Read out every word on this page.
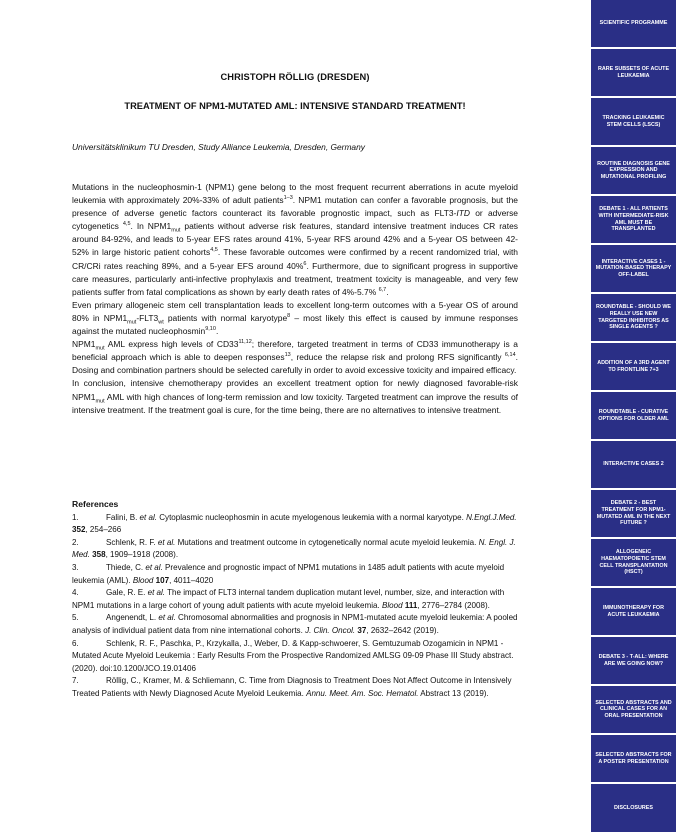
CHRISTOPH RÖLLIG (DRESDEN)
TREATMENT OF NPM1-MUTATED AML: INTENSIVE STANDARD TREATMENT!
Universitätsklinikum TU Dresden, Study Alliance Leukemia, Dresden, Germany

Mutations in the nucleophosmin-1 (NPM1) gene belong to the most frequent recurrent aberrations in acute myeloid leukemia with approximately 20%-33% of adult patients$^{1-3}$. NPM1 mutation can confer a favorable prognosis, but the presence of adverse genetic factors counteract its favorable prognostic impact, such as FLT3-ITD or adverse cytogenetics $^{4,5}$. In $NPM1_{mut}$ patients without adverse risk features, standard intensive treatment induces CR rates around 84-92%, and leads to 5-year EFS rates around 41%, 5-year RFS around 42% and a 5-year OS between 42-52% in large historic patient cohorts$^{4,5}$. These favorable outcomes were confirmed by a recent randomized trial, with CR/CRi rates reaching 89%, and a 5-year EFS around 40%$^6$. Furthermore, due to significant progress in supportive care measures, particularly anti-infective prophylaxis and treatment, treatment toxicity is manageable, and very few patients suffer from fatal complications as shown by early death rates of 4%-5.7% $^{6,7}$.

Even primary allogeneic stem cell transplantation leads to excellent long-term outcomes with a 5-year OS of around 80% in $NPM1_{mut}-FLT3_{wt}$ patients with normal karyotype$^8$ – most likely this effect is caused by immune responses against the mutated nucleophosmin$^{9,10}$.

$NPM1_{mut}$ AML express high levels of CD33$^{11,12}$; therefore, targeted treatment in terms of CD33 immunotherapy is a beneficial approach which is able to deepen responses$^{13}$, reduce the relapse risk and prolong RFS significantly $^{6,14}$. Dosing and combination partners should be selected carefully in order to avoid excessive toxicity and impaired efficacy.

In conclusion, intensive chemotherapy provides an excellent treatment option for newly diagnosed favorable-risk $NPM1_{mut}$ AML with high chances of long-term remission and low toxicity. Targeted treatment can improve the results of intensive treatment. If the treatment goal is cure, for the time being, there are no alternatives to intensive treatment.

References

1.	Falini, B. et al. Cytoplasmic nucleophosmin in acute myelogenous leukemia with a normal karyotype. N.Engl.J.Med. 352, 254–266

2.	Schlenk, R. F. et al. Mutations and treatment outcome in cytogenetically normal acute myeloid leukemia. N. Engl. J. Med. 358, 1909–1918 (2008).

3.	Thiede, C. et al. Prevalence and prognostic impact of NPM1 mutations in 1485 adult patients with acute myeloid leukemia (AML). Blood 107, 4011–4020

4.	Gale, R. E. et al. The impact of FLT3 internal tandem duplication mutant level, number, size, and interaction with NPM1 mutations in a large cohort of young adult patients with acute myeloid leukemia. Blood 111, 2776–2784 (2008).

5.	Angenendt, L. et al. Chromosomal abnormalities and prognosis in NPM1-mutated acute myeloid leukemia: A pooled analysis of individual patient data from nine international cohorts. J. Clin. Oncol. 37, 2632–2642 (2019).

6.	Schlenk, R. F., Paschka, P., Krzykalla, J., Weber, D. & Kapp-schwoerer, S. Gemtuzumab Ozogamicin in NPM1 -Mutated Acute Myeloid Leukemia : Early Results From the Prospective Randomized AMLSG 09-09 Phase III Study abstract. (2020). doi:10.1200/JCO.19.01406

7.	Röllig, C., Kramer, M. & Schliemann, C. Time from Diagnosis to Treatment Does Not Affect Outcome in Intensively Treated Patients with Newly Diagnosed Acute Myeloid Leukemia. Annu. Meet. Am. Soc. Hematol. Abstract 13 (2019).

SCIENTIFIC PROGRAMME
RARE SUBSETS OF ACUTE LEUKAEMIA
TRACKING LEUKAEMIC STEM CELLS (LSCS)
ROUTINE DIAGNOSIS GENE EXPRESSION AND MUTATIONAL PROFILING
DEBATE 1 - ALL PATIENTS WITH INTERMEDIATE-RISK AML MUST BE TRANSPLANTED
INTERACTIVE CASES 1 - MUTATION-BASED THERAPY OFF-LABEL
ROUNDTABLE - SHOULD WE REALLY USE NEW TARGETED INHIBITORS AS SINGLE AGENTS ?
ADDITION OF A 3RD AGENT TO FRONTLINE 7+3
ROUNDTABLE - CURATIVE OPTIONS FOR OLDER AML
INTERACTIVE CASES 2
DEBATE 2 - BEST TREATMENT FOR NPM1-MUTATED AML IN THE NEXT FUTURE ?
ALLOGENEIC HAEMATOPOIETIC STEM CELL TRANSPLANTATION (HSCT)
IMMUNOTHERAPY FOR ACUTE LEUKAEMIA
DEBATE 3 - T-ALL: WHERE ARE WE GOING NOW?
SELECTED ABSTRACTS AND CLINICAL CASES FOR AN ORAL PRESENTATION
SELECTED ABSTRACTS FOR A POSTER PRESENTATION
DISCLOSURES
